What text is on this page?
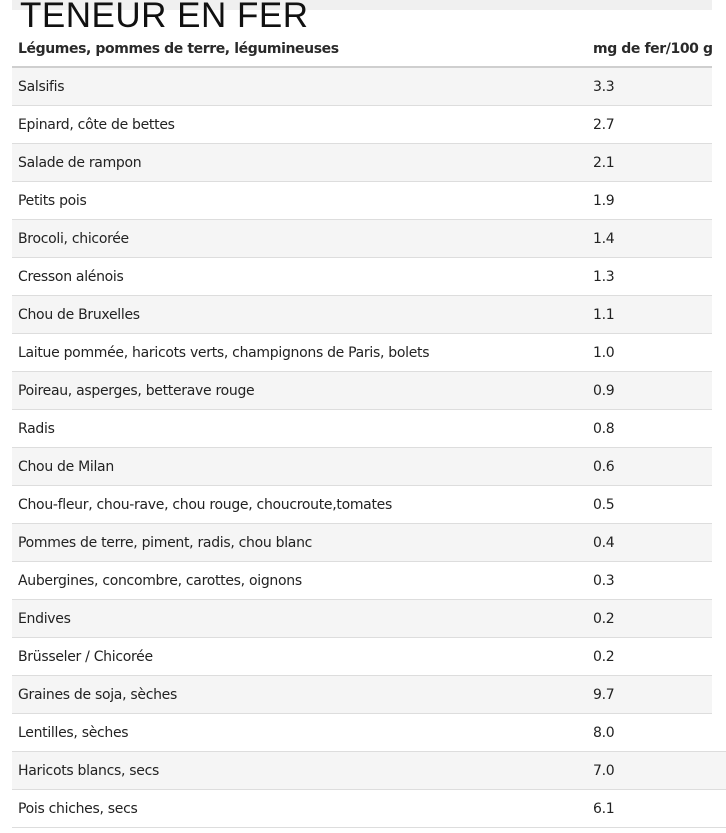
TENEUR EN FER
Légumes, pommes de terre, légumineuses	mg de fer/100 g
Salsifis	3.3
Epinard, côte de bettes	2.7
Salade de rampon	2.1
Petits pois	1.9
Brocoli, chicorée	1.4
Cresson alénois	1.3
Chou de Bruxelles	1.1
Laitue pommée, haricots verts, champignons de Paris, bolets	1.0
Poireau, asperges, betterave rouge	0.9
Radis	0.8
Chou de Milan	0.6
Chou-fleur, chou-rave, chou rouge, choucroute,tomates	0.5
Pommes de terre, piment, radis, chou blanc	0.4
Aubergines, concombre, carottes, oignons	0.3
Endives	0.2
Brüsseler / Chicorée	0.2
Graines de soja, sèches	9.7
Lentilles, sèches	8.0
Haricots blancs, secs	7.0
Pois chiches, secs	6.1
